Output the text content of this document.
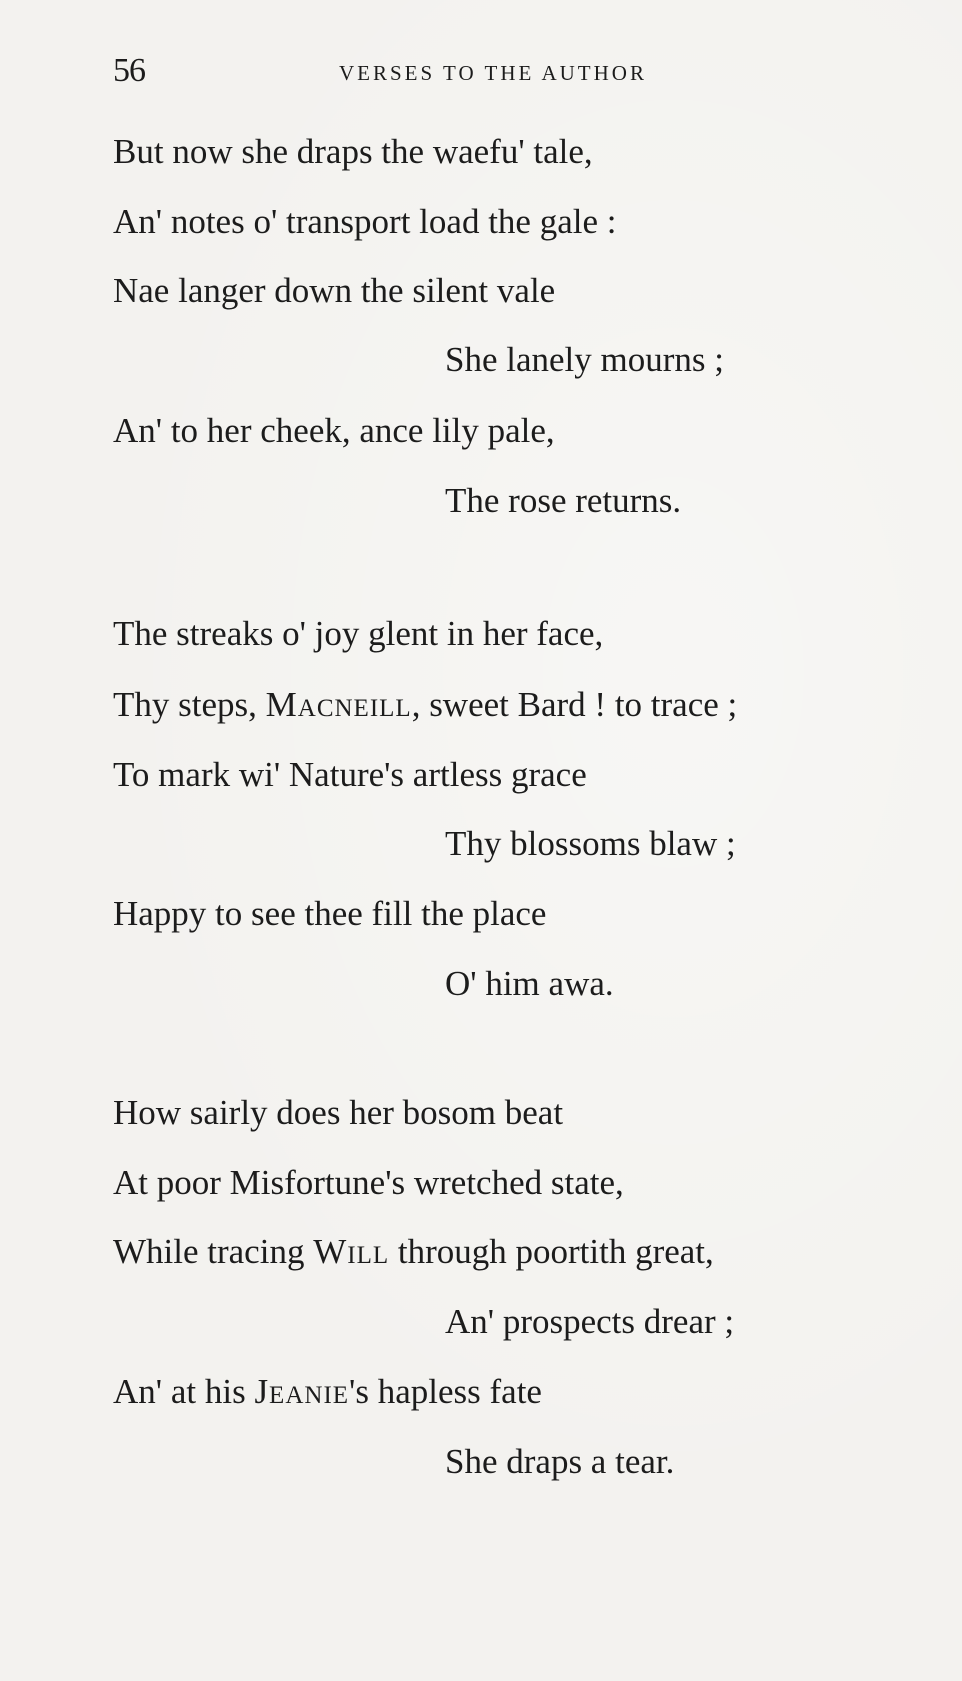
56	VERSES TO THE AUTHOR
But now she draps the waefu' tale,
An' notes o' transport load the gale :
Nae langer down the silent vale
She lanely mourns ;
An' to her cheek, ance lily pale,
The rose returns.
The streaks o' joy glent in her face,
Thy steps, Macneill, sweet Bard ! to trace ;
To mark wi' Nature's artless grace
Thy blossoms blaw ;
Happy to see thee fill the place
O' him awa.
How sairly does her bosom beat
At poor Misfortune's wretched state,
While tracing Will through poortith great,
An' prospects drear ;
An' at his Jeanie's hapless fate
She draps a tear.
